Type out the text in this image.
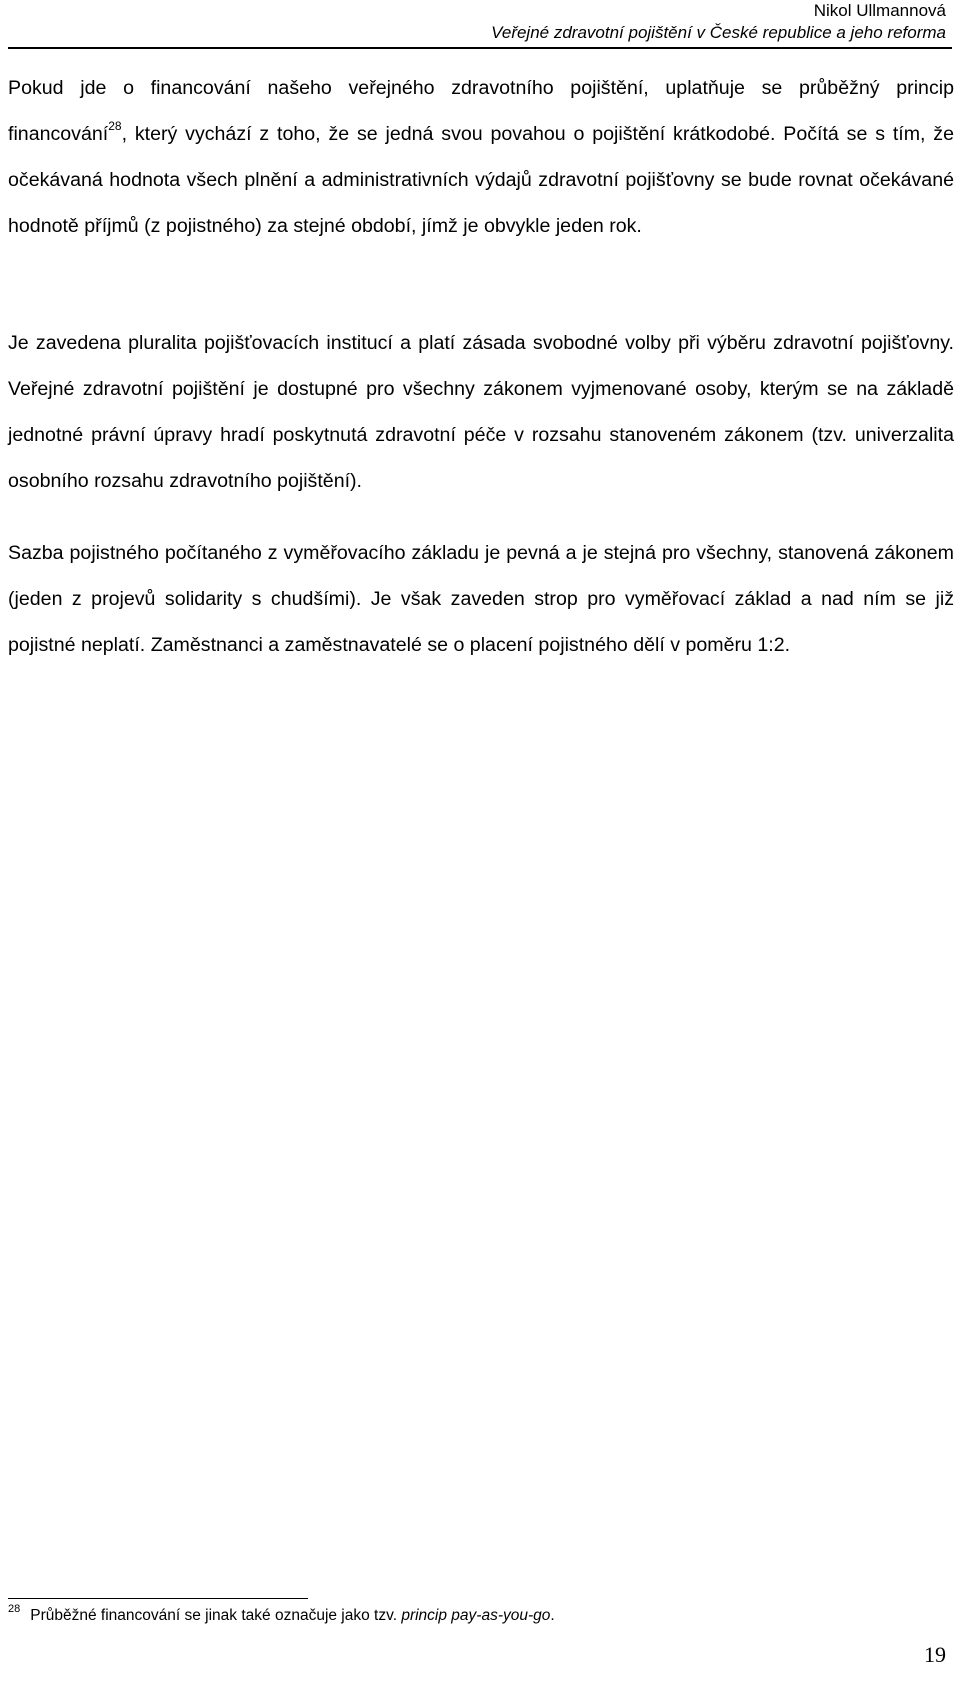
Nikol Ullmannová
Veřejné zdravotní pojištění v České republice a jeho reforma

Pokud jde o financování našeho veřejného zdravotního pojištění, uplatňuje se průběžný princip financování$^{28}$, který vychází z toho, že se jedná svou povahou o pojištění krátkodobé. Počítá se s tím, že očekávaná hodnota všech plnění a administrativních výdajů zdravotní pojišťovny se bude rovnat očekávané hodnotě příjmů (z pojistného) za stejné období, jímž je obvykle jeden rok.

Je zavedena pluralita pojišťovacích institucí a platí zásada svobodné volby při výběru zdravotní pojišťovny. Veřejné zdravotní pojištění je dostupné pro všechny zákonem vyjmenované osoby, kterým se na základě jednotné právní úpravy hradí poskytnutá zdravotní péče v rozsahu stanoveném zákonem (tzv. univerzalita osobního rozsahu zdravotního pojištění).

Sazba pojistného počítaného z vyměřovacího základu je pevná a je stejná pro všechny, stanovená zákonem (jeden z projevů solidarity s chudšími). Je však zaveden strop pro vyměřovací základ a nad ním se již pojistné neplatí. Zaměstnanci a zaměstnavatelé se o placení pojistného dělí v poměru 1:2.

$^{28}$ Průběžné financování se jinak také označuje jako tzv. princip pay-as-you-go.
19
